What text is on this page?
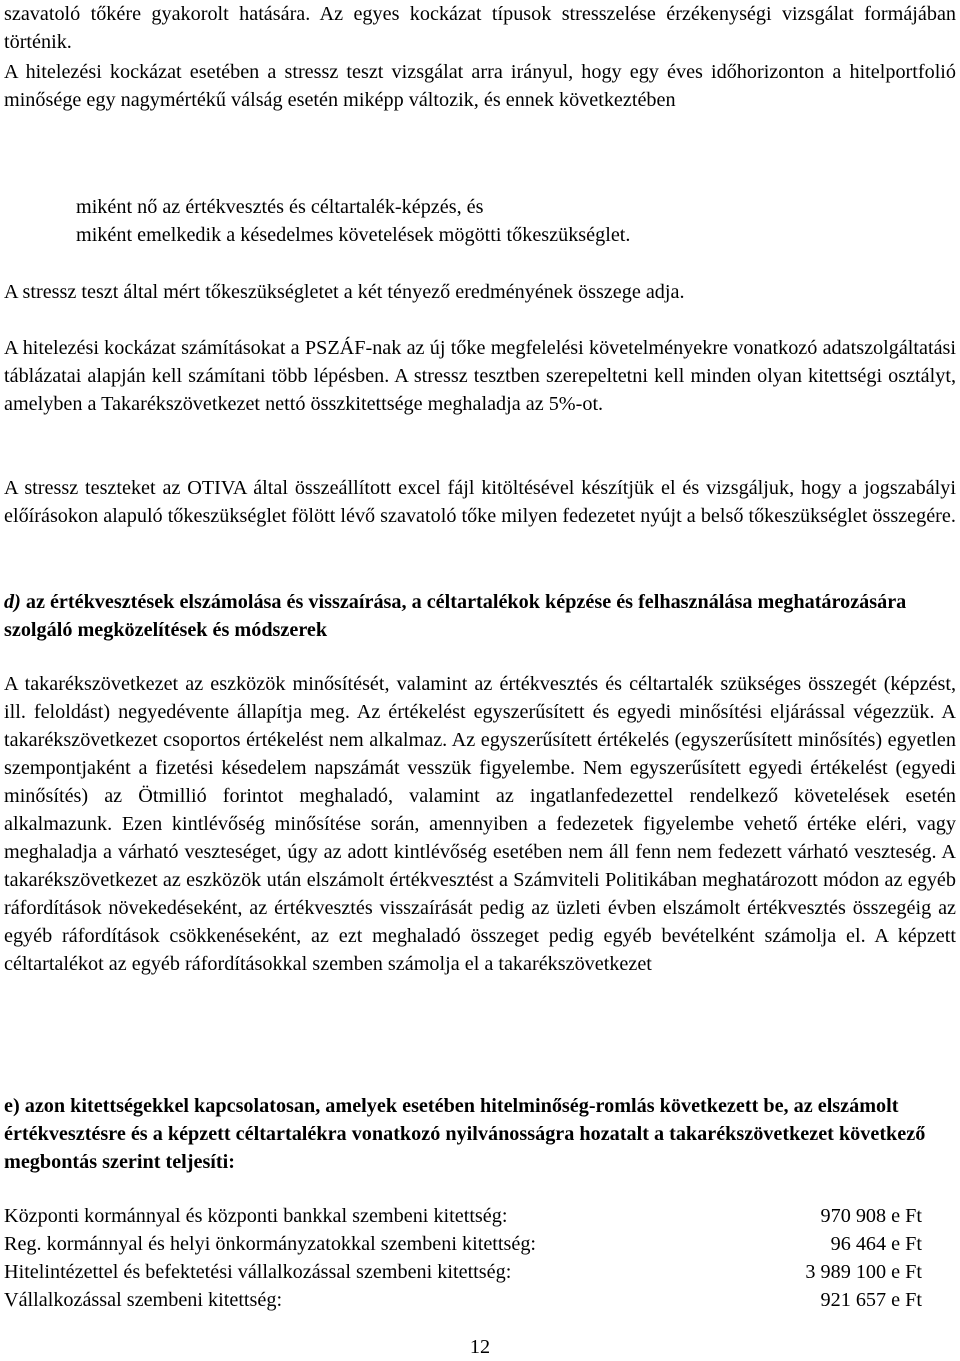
szavatoló tőkére gyakorolt hatására. Az egyes kockázat típusok stresszelése érzékenységi vizsgálat formájában történik.

A hitelezési kockázat esetében a stressz teszt vizsgálat arra irányul, hogy egy éves időhorizonton a hitelportfolió minősége egy nagymértékű válság esetén miképp változik, és ennek következtében

miként nő az értékvesztés és céltartalék-képzés, és

miként emelkedik a késedelmes követelések mögötti tőkeszükséglet.

A stressz teszt által mért tőkeszükségletet a két tényező eredményének összege adja.

A hitelezési kockázat számításokat a PSZÁF-nak az új tőke megfelelési követelményekre vonatkozó adatszolgáltatási táblázatai alapján kell számítani több lépésben. A stressz tesztben szerepeltetni kell minden olyan kitettségi osztályt, amelyben a Takarékszövetkezet nettó összkitettsége meghaladja az 5%-ot.

A stressz teszteket az OTIVA által összeállított excel fájl kitöltésével készítjük el és vizsgáljuk, hogy a jogszabályi előírásokon alapuló tőkeszükséglet fölött lévő szavatoló tőke milyen fedezetet nyújt a belső tőkeszükséglet összegére.

d) az értékvesztések elszámolása és visszaírása, a céltartalékok képzése és felhasználása meghatározására szolgáló megközelítések és módszerek

A takarékszövetkezet az eszközök minősítését, valamint az értékvesztés és céltartalék szükséges összegét (képzést, ill. feloldást) negyedévente állapítja meg. Az értékelést egyszerűsített és egyedi minősítési eljárással végezzük. A takarékszövetkezet csoportos értékelést nem alkalmaz. Az egyszerűsített értékelés (egyszerűsített minősítés) egyetlen szempontjaként a fizetési késedelem napszámát vesszük figyelembe. Nem egyszerűsített egyedi értékelést (egyedi minősítés) az Ötmillió forintot meghaladó, valamint az ingatlanfedezettel rendelkező követelések esetén alkalmazunk. Ezen kintlévőség minősítése során, amennyiben a fedezetek figyelembe vehető értéke eléri, vagy meghaladja a várható veszteséget, úgy az adott kintlévőség esetében nem áll fenn nem fedezett várható veszteség. A takarékszövetkezet az eszközök után elszámolt értékvesztést a Számviteli Politikában meghatározott módon az egyéb ráfordítások növekedéseként, az értékvesztés visszaírását pedig az üzleti évben elszámolt értékvesztés összegéig az egyéb ráfordítások csökkenéseként, az ezt meghaladó összeget pedig egyéb bevételként számolja el. A képzett céltartalékot az egyéb ráfordításokkal szemben számolja el a takarékszövetkezet

e) azon kitettségekkel kapcsolatosan, amelyek esetében hitelminőség-romlás következett be, az elszámolt értékvesztésre és a képzett céltartalékra vonatkozó nyilvánosságra hozatalt a takarékszövetkezet következő megbontás szerint teljesíti:

Központi kormánnyal és központi bankkal szembeni kitettség:	970 908 e Ft
Reg. kormánnyal és helyi önkormányzatokkal szembeni kitettség:	96 464 e Ft
Hitelintézettel és befektetési vállalkozással szembeni kitettség:	3 989 100 e Ft
Vállalkozással szembeni kitettség:	921 657 e Ft
12
